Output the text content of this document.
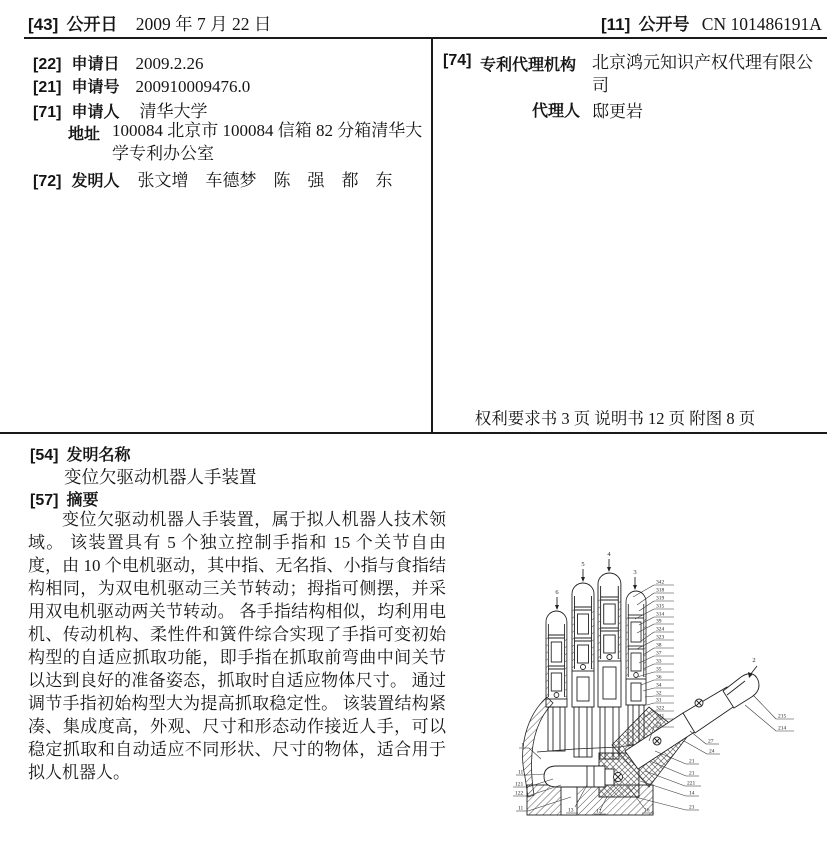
[43] 公开日 2009 年 7 月 22 日	[11] 公开号 CN 101486191A
[22] 申请日 2009.2.26
[21] 申请号 200910009476.0
[71] 申请人 清华大学
地址 100084 北京市 100084 信箱 82 分箱清华大学专利办公室
[72] 发明人 张文增　车德梦　陈　强　都　东
[74] 专利代理机构 北京鸿元知识产权代理有限公司
代理人 邸更岩
权利要求书 3 页 说明书 12 页 附图 8 页
[54] 发明名称
变位欠驱动机器人手装置
[57] 摘要

变位欠驱动机器人手装置，属于拟人机器人技术领域。 该装置具有 5 个独立控制手指和 15 个关节自由度，由 10 个电机驱动，其中指、无名指、小指与食指结构相同，为双电机驱动三关节转动；拇指可侧摆，并采用双电机驱动两关节转动。 各手指结构相似，均利用电机、传动机构、柔性件和簧件综合实现了手指可变初始构型的自适应抓取功能，即手指在抓取前弯曲中间关节以达到良好的准备姿态，抓取时自适应物体尺寸。 通过调节手指初始构型大为提高抓取稳定性。 该装置结构紧凑、集成度高，外观、尺寸和形态动作接近人手，可以稳定抓取和自动适应不同形状、尺寸的物体，适合用于拟人机器人。

6
5
4
3
2
342
318
319
315
314
39
324
323
38
37
33
35
36
34
32
31
322
321
21
215
214
27
24
21
21
221
14
21
1
11
121
122
11	13	12	16
